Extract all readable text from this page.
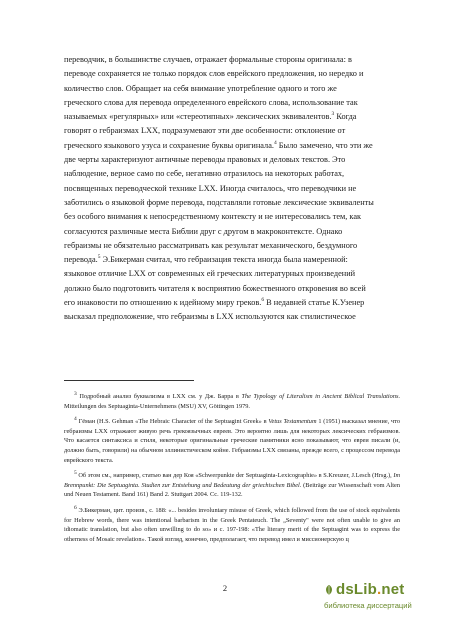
переводчик, в большинстве случаев, отражает формальные стороны оригинала: в

переводе сохраняется не только порядок слов еврейского предложения, но нередко и

количество слов. Обращает на себя внимание употребление одного и того же

греческого слова для перевода определенного еврейского слова, использование так

называемых «регулярных» или «стереотипных» лексических эквивалентов.$^3$ Когда

говорят о гебраизмах LXX, подразумевают эти две особенности: отклонение от

греческого языкового узуса и сохранение буквы оригинала.$^4$ Было замечено, что эти же

две черты характеризуют античные переводы правовых и деловых текстов. Это

наблюдение, верное само по себе, негативно отразилось на некоторых работах,

посвященных переводческой технике LXX. Иногда считалось, что переводчики не

заботились о языковой форме перевода, подставляли готовые лексические эквиваленты

без особого внимания к непосредственному контексту и не интересовались тем, как

согласуются различные места Библии друг с другом в макроконтексте. Однако

гебраизмы не обязательно рассматривать как результат механического, бездумного

перевода.$^5$ Э.Бикерман считал, что гебраизация текста иногда была намеренной:

языковое отличие LXX от современных ей греческих литературных произведений

должно было подготовить читателя к восприятию божественного откровения во всей

его инаковости по отношению к идейному миру греков.$^6$ В недавней статье К.Узенер

высказал предположение, что гебраизмы в LXX используются как стилистическое

$^3$ Подробный анализ буквализма в LXX см. у Дж. Барра в The Typology of Literalism in Ancient Biblical Translations. Mitteilungen des Septuaginta-Unternehmens (MSU) XV, Göttingen 1979.

$^4$ Гёман (H.S. Gehman «The Hebraic Character of the Septuagint Greek» в Vetus Testamentum 1 (1951) высказал мнение, что гебраизмы LXX отражают живую речь грекоязычных евреев. Это вероятно лишь для некоторых лексических гебраизмов. Что касается синтаксиса и стиля, некоторые оригинальные греческие памятники ясно показывают, что евреи писали (и, должно быть, говорили) на обычном эллинистическом койне. Гебраизмы LXX связаны, прежде всего, с процессом перевода еврейского текста.

$^5$ Об этом см., например, статью ван дер Коя «Schwerpunkte der Septuaginta-Lexicographie» в S.Kreuzer, J.Lesch (Hrsg.), Im Brennpunkt: Die Septuaginta. Studien zur Entstehung und Bedeutung der griechischen Bibel. (Beiträge zur Wissenschaft vom Alten und Neuen Testament. Band 161) Band 2. Stuttgart 2004. Сс. 119-132.

$^6$ Э.Бикерман, цит. произв., с. 188: «... besides involuntary misuse of Greek, which followed from the use of stock equivalents for Hebrew words, there was intentional barbarism in the Greek Pentateuch. The „Seventy" were not often unable to give an idiomatic translation, but also often unwilling to do so» и с. 197-198: «The literary merit of the Septuagint was to express the otherness of Mosaic revelation». Такой взгляд, конечно, предполагает, что перевод имел и миссионерскую ц

2	dsLib.net
библиотека диссертаций
